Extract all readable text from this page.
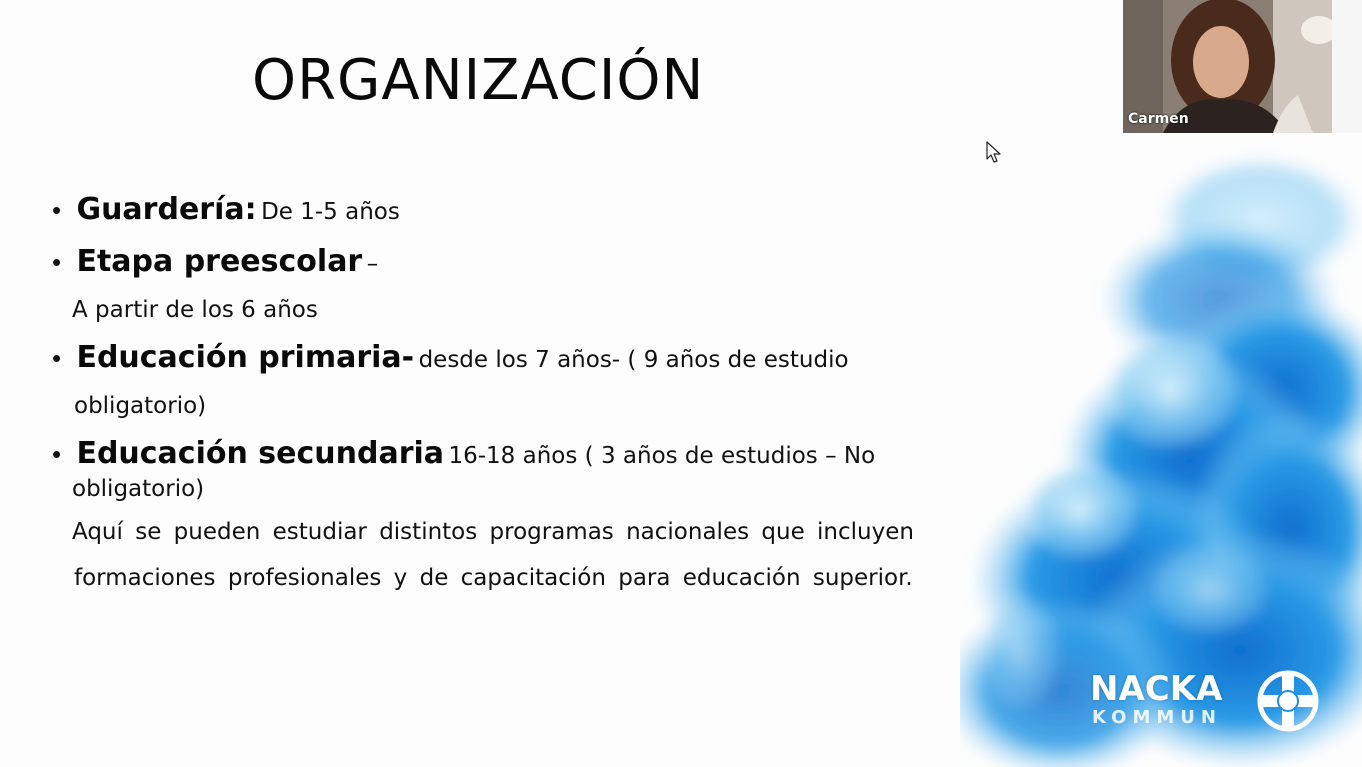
ORGANIZACIÓN
• Guardería: De 1-5 años
• Etapa preescolar –
A partir de los 6 años
• Educación primaria- desde los 7 años- ( 9 años de estudio
obligatorio)
• Educación secundaria 16-18 años ( 3 años de estudios – No
obligatorio)
Aquí se pueden estudiar distintos programas nacionales que incluyen
formaciones profesionales y de capacitación para educación superior.
NACKA
KOMMUN
Carmen
